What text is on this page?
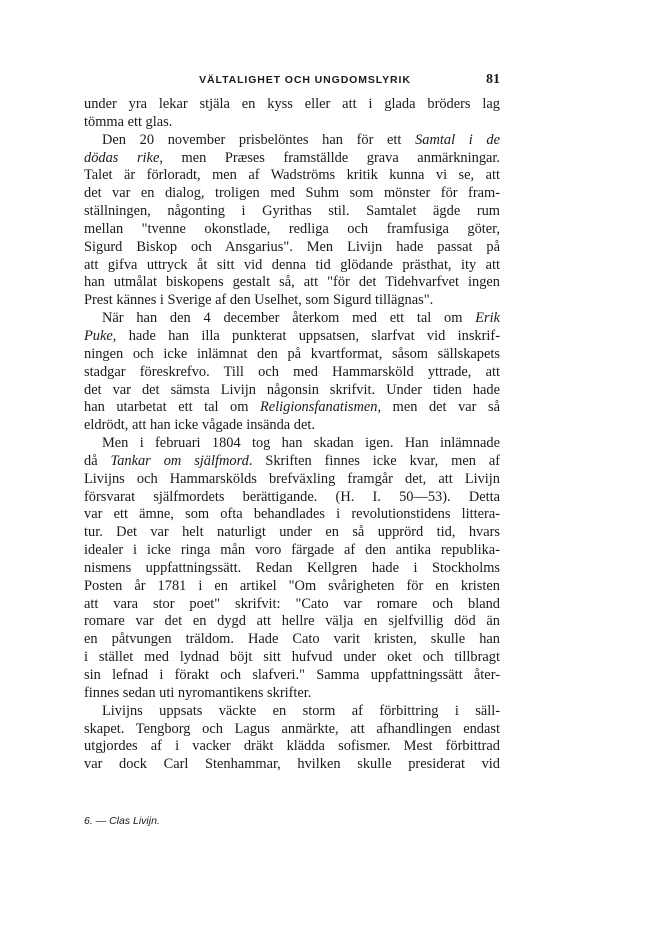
VÄLTALIGHET OCH UNGDOMSLYRIK	81
under yra lekar stjäla en kyss eller att i glada bröders lag
tömma ett glas.
Den 20 november prisbelöntes han för ett Samtal i de
dödas rike, men Præses framställde grava anmärkningar.
Talet är förloradt, men af Wadströms kritik kunna vi se, att
det var en dialog, troligen med Suhm som mönster för fram-
ställningen, någonting i Gyrithas stil. Samtalet ägde rum
mellan "tvenne okonstlade, redliga och framfusiga göter,
Sigurd Biskop och Ansgarius". Men Livijn hade passat på
att gifva uttryck åt sitt vid denna tid glödande prästhat, ity att
han utmålat biskopens gestalt så, att "för det Tidehvarfvet ingen
Prest kännes i Sverige af den Uselhet, som Sigurd tillägnas".
När han den 4 december återkom med ett tal om Erik
Puke, hade han illa punkterat uppsatsen, slarfvat vid inskrif-
ningen och icke inlämnat den på kvartformat, såsom sällskapets
stadgar föreskrefvo. Till och med Hammarsköld yttrade, att
det var det sämsta Livijn någonsin skrifvit. Under tiden hade
han utarbetat ett tal om Religionsfanatismen, men det var så
eldrödt, att han icke vågade insända det.
Men i februari 1804 tog han skadan igen. Han inlämnade
då Tankar om själfmord. Skriften finnes icke kvar, men af
Livijns och Hammarskölds brefväxling framgår det, att Livijn
försvarat själfmordets berättigande. (H. I. 50—53). Detta
var ett ämne, som ofta behandlades i revolutionstidens littera-
tur. Det var helt naturligt under en så upprörd tid, hvars
idealer i icke ringa mån voro färgade af den antika republika-
nismens uppfattningssätt. Redan Kellgren hade i Stockholms
Posten år 1781 i en artikel "Om svårigheten för en kristen
att vara stor poet" skrifvit: "Cato var romare och bland
romare var det en dygd att hellre välja en sjelfvillig död än
en påtvungen träldom. Hade Cato varit kristen, skulle han
i stället med lydnad böjt sitt hufvud under oket och tillbragt
sin lefnad i förakt och slafveri." Samma uppfattningssätt åter-
finnes sedan uti nyromantikens skrifter.
Livijns uppsats väckte en storm af förbittring i säll-
skapet. Tengborg och Lagus anmärkte, att afhandlingen endast
utgjordes af i vacker dräkt klädda sofismer. Mest förbittrad
var dock Carl Stenhammar, hvilken skulle presiderat vid
6. — Clas Livijn.
